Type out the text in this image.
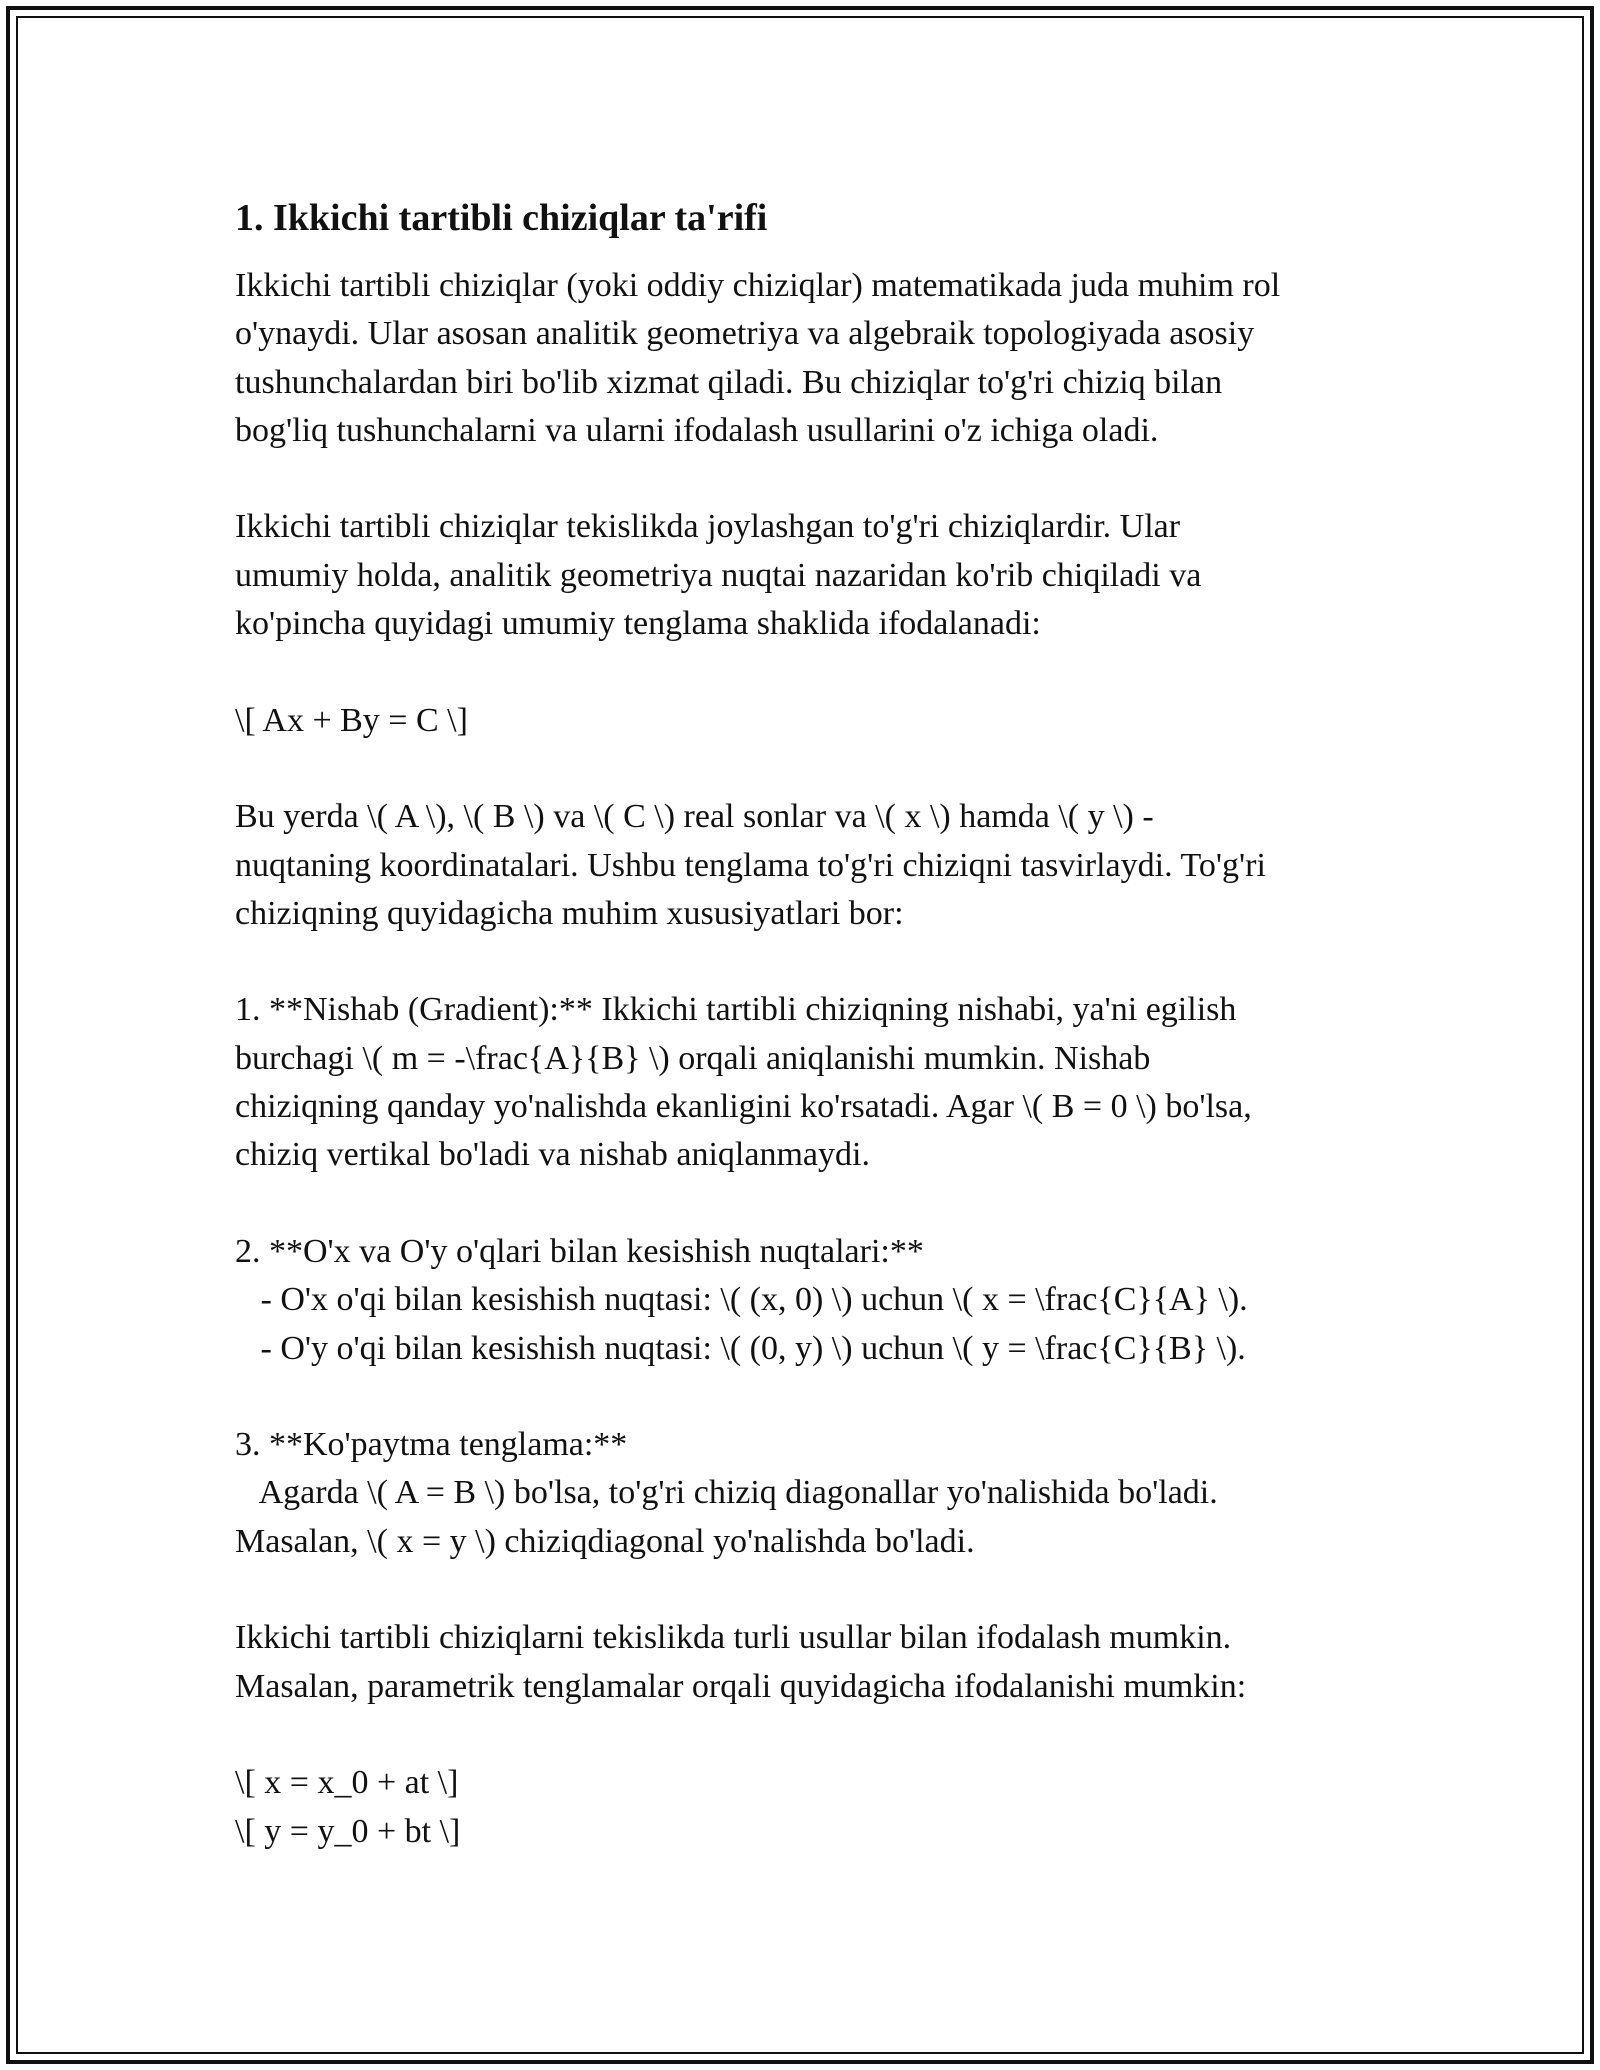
1. Ikkichi tartibli chiziqlar ta'rifi
Ikkichi tartibli chiziqlar (yoki oddiy chiziqlar) matematikada juda muhim rol
o'ynaydi. Ular asosan analitik geometriya va algebraik topologiyada asosiy
tushunchalardan biri bo'lib xizmat qiladi. Bu chiziqlar to'g'ri chiziq bilan
bog'liq tushunchalarni va ularni ifodalash usullarini o'z ichiga oladi.
Ikkichi tartibli chiziqlar tekislikda joylashgan to'g'ri chiziqlardir. Ular
umumiy holda, analitik geometriya nuqtai nazaridan ko'rib chiqiladi va
ko'pincha quyidagi umumiy tenglama shaklida ifodalanadi:
\[ Ax + By = C \]
Bu yerda \( A \), \( B \) va \( C \) real sonlar va \( x \) hamda \( y \) -
nuqtaning koordinatalari. Ushbu tenglama to'g'ri chiziqni tasvirlaydi. To'g'ri
chiziqning quyidagicha muhim xususiyatlari bor:
1. **Nishab (Gradient):** Ikkichi tartibli chiziqning nishabi, ya'ni egilish
burchagi \( m = -\frac{A}{B} \) orqali aniqlanishi mumkin. Nishab
chiziqning qanday yo'nalishda ekanligini ko'rsatadi. Agar \( B = 0 \) bo'lsa,
chiziq vertikal bo'ladi va nishab aniqlanmaydi.
2. **O'x va O'y o'qlari bilan kesishish nuqtalari:**
- O'x o'qi bilan kesishish nuqtasi: \( (x, 0) \) uchun \( x = \frac{C}{A} \).
- O'y o'qi bilan kesishish nuqtasi: \( (0, y) \) uchun \( y = \frac{C}{B} \).
3. **Ko'paytma tenglama:**
Agarda \( A = B \) bo'lsa, to'g'ri chiziq diagonallar yo'nalishida bo'ladi.
Masalan, \( x = y \) chiziqdiagonal yo'nalishda bo'ladi.
Ikkichi tartibli chiziqlarni tekislikda turli usullar bilan ifodalash mumkin.
Masalan, parametrik tenglamalar orqali quyidagicha ifodalanishi mumkin:
\[ x = x_0 + at \]
\[ y = y_0 + bt \]
